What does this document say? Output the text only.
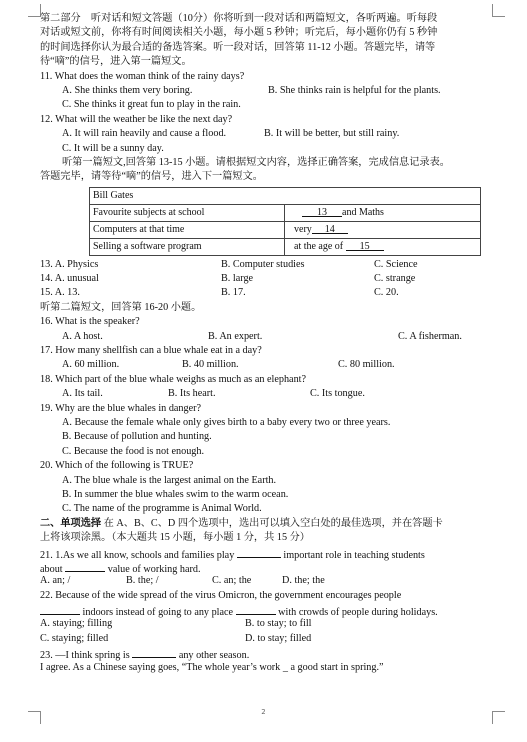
第二部分　听对话和短文答题（10分）你将听到一段对话和两篇短文，各听两遍。听每段
对话或短文前，你将有时间阅读相关小题，每小题 5 秒钟；听完后，每小题你仍有 5 秒钟
的时间选择你认为最合适的备选答案。听一段对话，回答第 11-12 小题。答题完毕，请等
待“嘀”的信号，进入第一篇短文。
11. What does the woman think of the rainy days?
A. She thinks them very boring.	B. She thinks rain is helpful for the plants.
C. She thinks it great fun to play in the rain.
12. What will the weather be like the next day?
A. It will rain heavily and cause a flood.	B. It will be better, but still rainy.
C. It will be a sunny day.
听第一篇短文,回答第 13-15 小题。请根据短文内容，选择正确答案，完成信息记录表。
答题完毕，请等待“嘀”的信号，进入下一篇短文。
Bill Gates	
Favourite subjects at school	13 and Maths
Computers at that time	very 14
Selling a software program	at the age of 15
13. A. Physics	B. Computer studies	C. Science
14. A. unusual	B. large	C. strange
15. A. 13.	B. 17.	C. 20.
听第二篇短文，回答第 16-20 小题。
16. What is the speaker?
A. A host.	B. An expert.	C. A fisherman.
17. How many shellfish can a blue whale eat in a day?
A. 60 million.	B. 40 million.	C. 80 million.
18. Which part of the blue whale weighs as much as an elephant?
A. Its tail.	B. Its heart.	C. Its tongue.
19. Why are the blue whales in danger?
A. Because the female whale only gives birth to a baby every two or three years.
B. Because of pollution and hunting.
C. Because the food is not enough.
20. Which of the following is TRUE?
A. The blue whale is the largest animal on the Earth.
B. In summer the blue whales swim to the warm ocean.
C. The name of the programme is Animal World.
二、单项选择 在 A、B、C、D 四个选项中，选出可以填入空白处的最佳选项，并在答题卡
上将该项涂黑。（本大题共 15 小题，每小题 1 分，共 15 分）
21. 1.As we all know, schools and families play	important role in teaching students
about	value of working hard.
A. an; /	B. the; /	C. an; the	D. the; the
22. Because of the wide spread of the virus Omicron, the government encourages people
indoors instead of going to any place	with crowds of people during holidays.
A. staying; filling	B. to stay; to fill
C. staying; filled	D. to stay; filled
23. —I think spring is	any other season.
I agree. As a Chinese saying goes, “The whole year’s work _ a good start in spring.”
2
